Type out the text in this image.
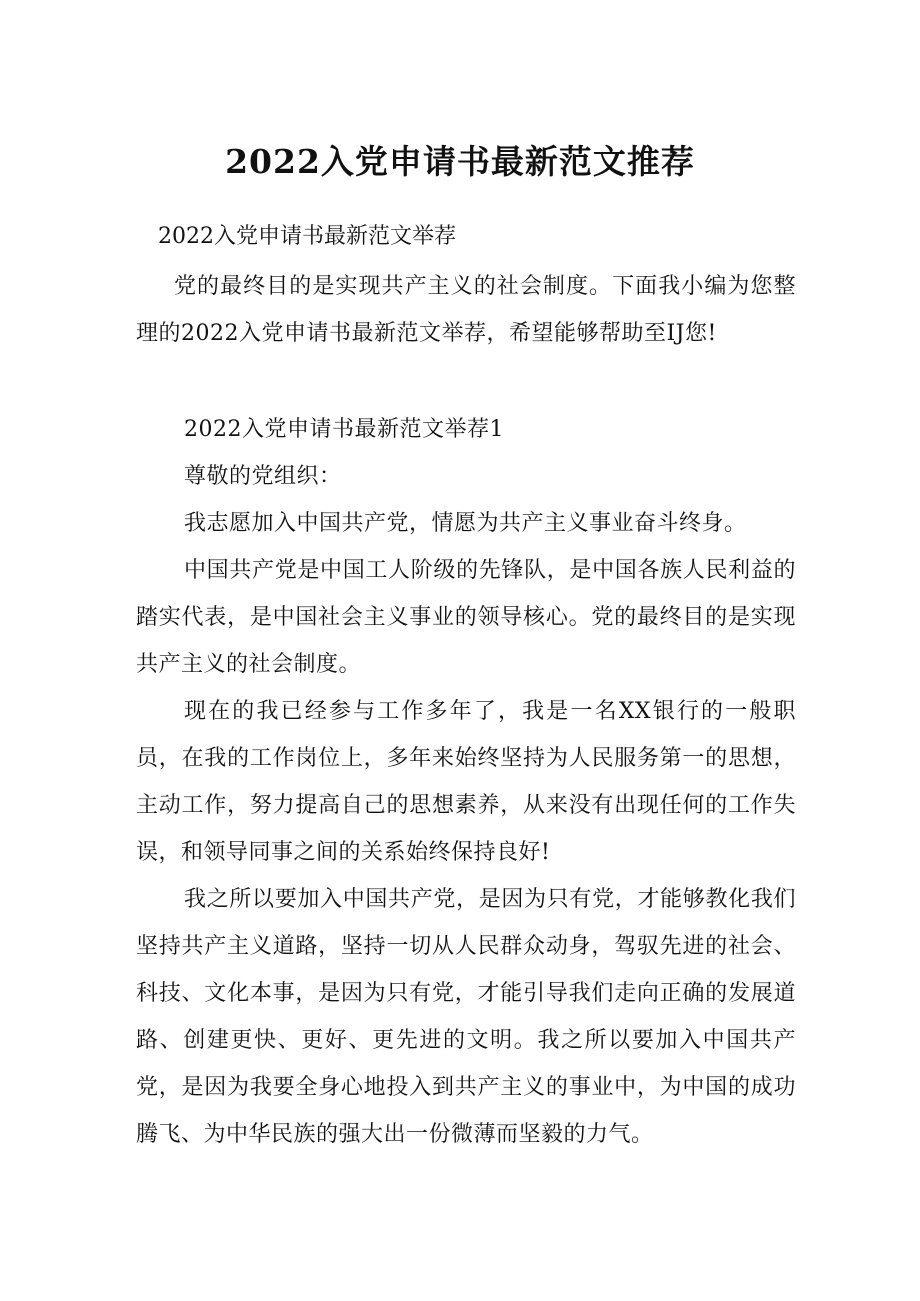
2022入党申请书最新范文推荐
2022入党申请书最新范文举荐

党的最终目的是实现共产主义的社会制度。下面我小编为您整理的2022入党申请书最新范文举荐，希望能够帮助至IJ您!

2022入党申请书最新范文举荐1

尊敬的党组织：

我志愿加入中国共产党，情愿为共产主义事业奋斗终身。

中国共产党是中国工人阶级的先锋队，是中国各族人民利益的踏实代表，是中国社会主义事业的领导核心。党的最终目的是实现共产主义的社会制度。

现在的我已经参与工作多年了，我是一名XX银行的一般职员，在我的工作岗位上，多年来始终坚持为人民服务第一的思想，主动工作，努力提高自己的思想素养，从来没有出现任何的工作失误，和领导同事之间的关系始终保持良好!

我之所以要加入中国共产党，是因为只有党，才能够教化我们坚持共产主义道路，坚持一切从人民群众动身，驾驭先进的社会、科技、文化本事，是因为只有党，才能引导我们走向正确的发展道路、创建更快、更好、更先进的文明。我之所以要加入中国共产党，是因为我要全身心地投入到共产主义的事业中，为中国的成功腾飞、为中华民族的强大出一份微薄而坚毅的力气。
